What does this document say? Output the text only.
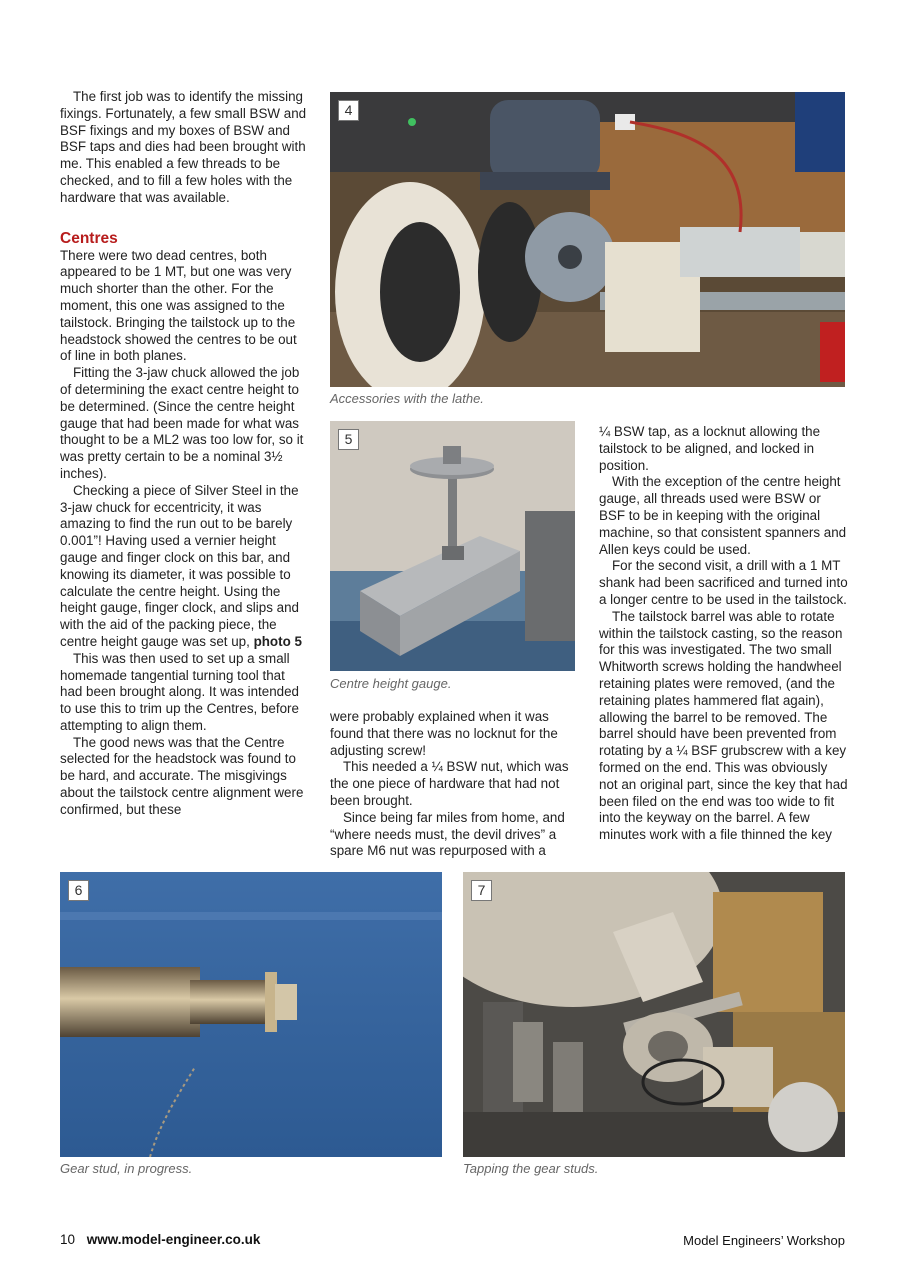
The first job was to identify the missing fixings. Fortunately, a few small BSW and BSF fixings and my boxes of BSW and BSF taps and dies had been brought with me. This enabled a few threads to be checked, and to fill a few holes with the hardware that was available.

Centres

There were two dead centres, both appeared to be 1 MT, but one was very much shorter than the other. For the moment, this one was assigned to the tailstock. Bringing the tailstock up to the headstock showed the centres to be out of line in both planes.

Fitting the 3-jaw chuck allowed the job of determining the exact centre height to be determined. (Since the centre height gauge that had been made for what was thought to be a ML2 was too low for, so it was pretty certain to be a nominal 3½ inches).

Checking a piece of Silver Steel in the 3-jaw chuck for eccentricity, it was amazing to find the run out to be barely 0.001”! Having used a vernier height gauge and finger clock on this bar, and knowing its diameter, it was possible to calculate the centre height. Using the height gauge, finger clock, and slips and with the aid of the packing piece, the centre height gauge was set up, photo 5

This was then used to set up a small homemade tangential turning tool that had been brought along. It was intended to use this to trim up the Centres, before attempting to align them.

The good news was that the Centre selected for the headstock was found to be hard, and accurate. The misgivings about the tailstock centre alignment were confirmed, but these

were probably explained when it was found that there was no locknut for the adjusting screw!

This needed a ¼ BSW nut, which was the one piece of hardware that had not been brought.

Since being far miles from home, and “where needs must, the devil drives” a spare M6 nut was repurposed with a

¼ BSW tap, as a locknut allowing the tailstock to be aligned, and locked in position.

With the exception of the centre height gauge, all threads used were BSW or BSF to be in keeping with the original machine, so that consistent spanners and Allen keys could be used.

For the second visit, a drill with a 1 MT shank had been sacrificed and turned into a longer centre to be used in the tailstock.

The tailstock barrel was able to rotate within the tailstock casting, so the reason for this was investigated. The two small Whitworth screws holding the handwheel retaining plates were removed, (and the retaining plates hammered flat again), allowing the barrel to be removed. The barrel should have been prevented from rotating by a ¼ BSF grubscrew with a key formed on the end. This was obviously not an original part, since the key that had been filed on the end was too wide to fit into the keyway on the barrel. A few minutes work with a file thinned the key

4
Accessories with the lathe.
5
Centre height gauge.
6
Gear stud, in progress.
7
Tapping the gear studs.
10 www.model-engineer.co.uk	Model Engineers’ Workshop
